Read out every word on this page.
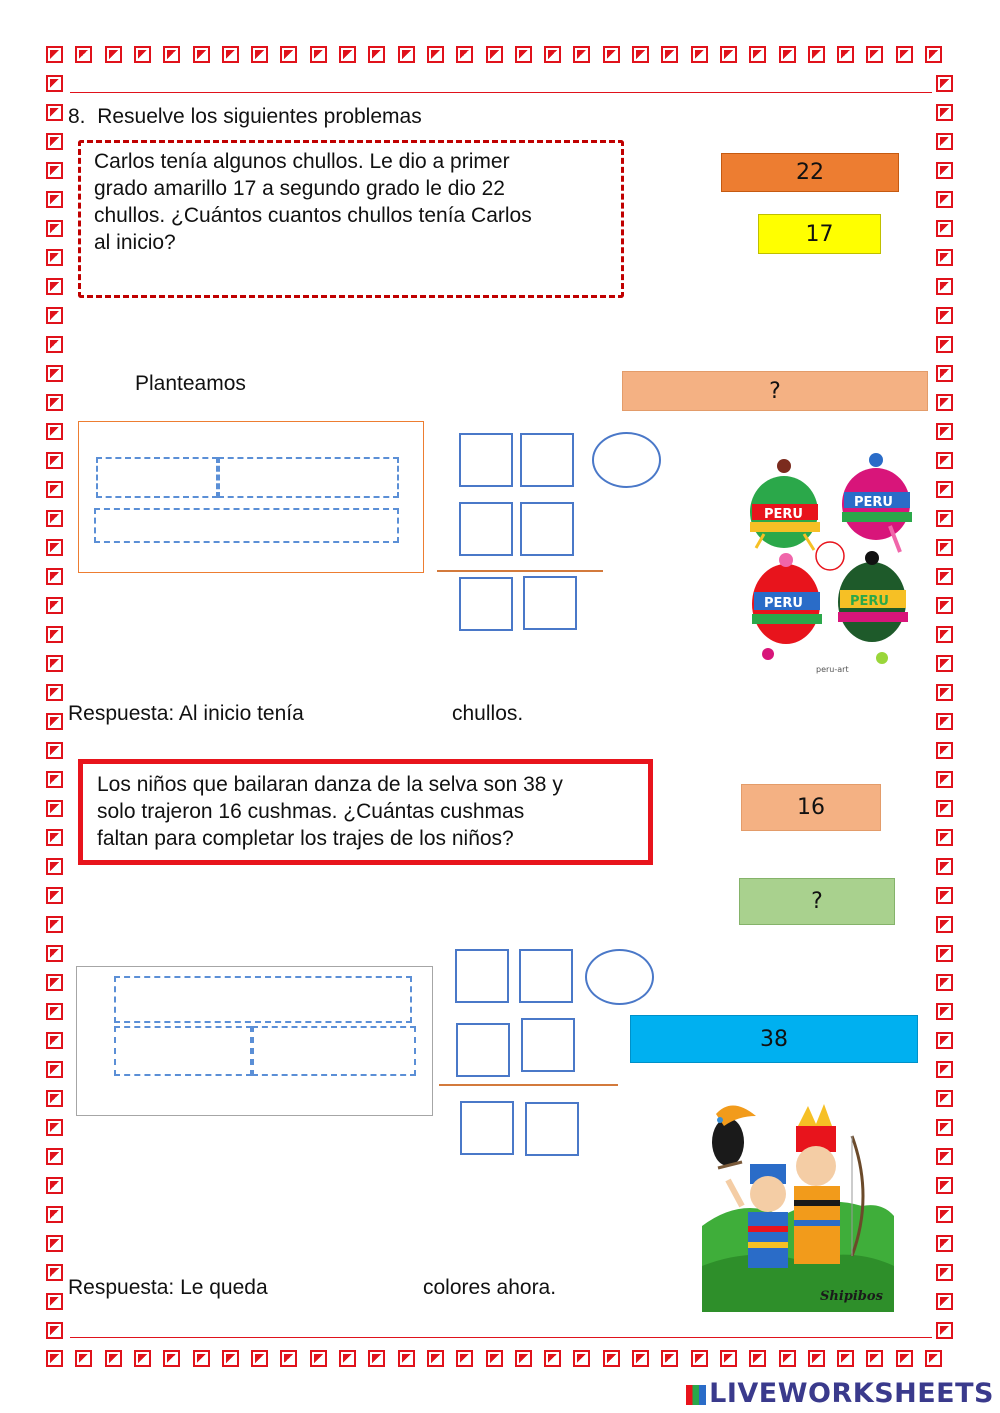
8. Resuelve los siguientes problemas
Carlos tenía algunos chullos. Le dio a primer
grado amarillo 17 a segundo grado le dio 22
chullos. ¿Cuántos cuantos chullos tenía Carlos
al inicio?
22
17
?
Planteamos
PERU
PERU
PERU	PERU
peru-art
Respuesta: Al inicio tenía	chullos.
Los niños que bailaran danza de la selva son 38 y
solo trajeron 16 cushmas. ¿Cuántas cushmas
faltan para completar los trajes de los niños?
16
?
38
Shipibos
Respuesta: Le queda	colores ahora.
LIVEWORKSHEETS
